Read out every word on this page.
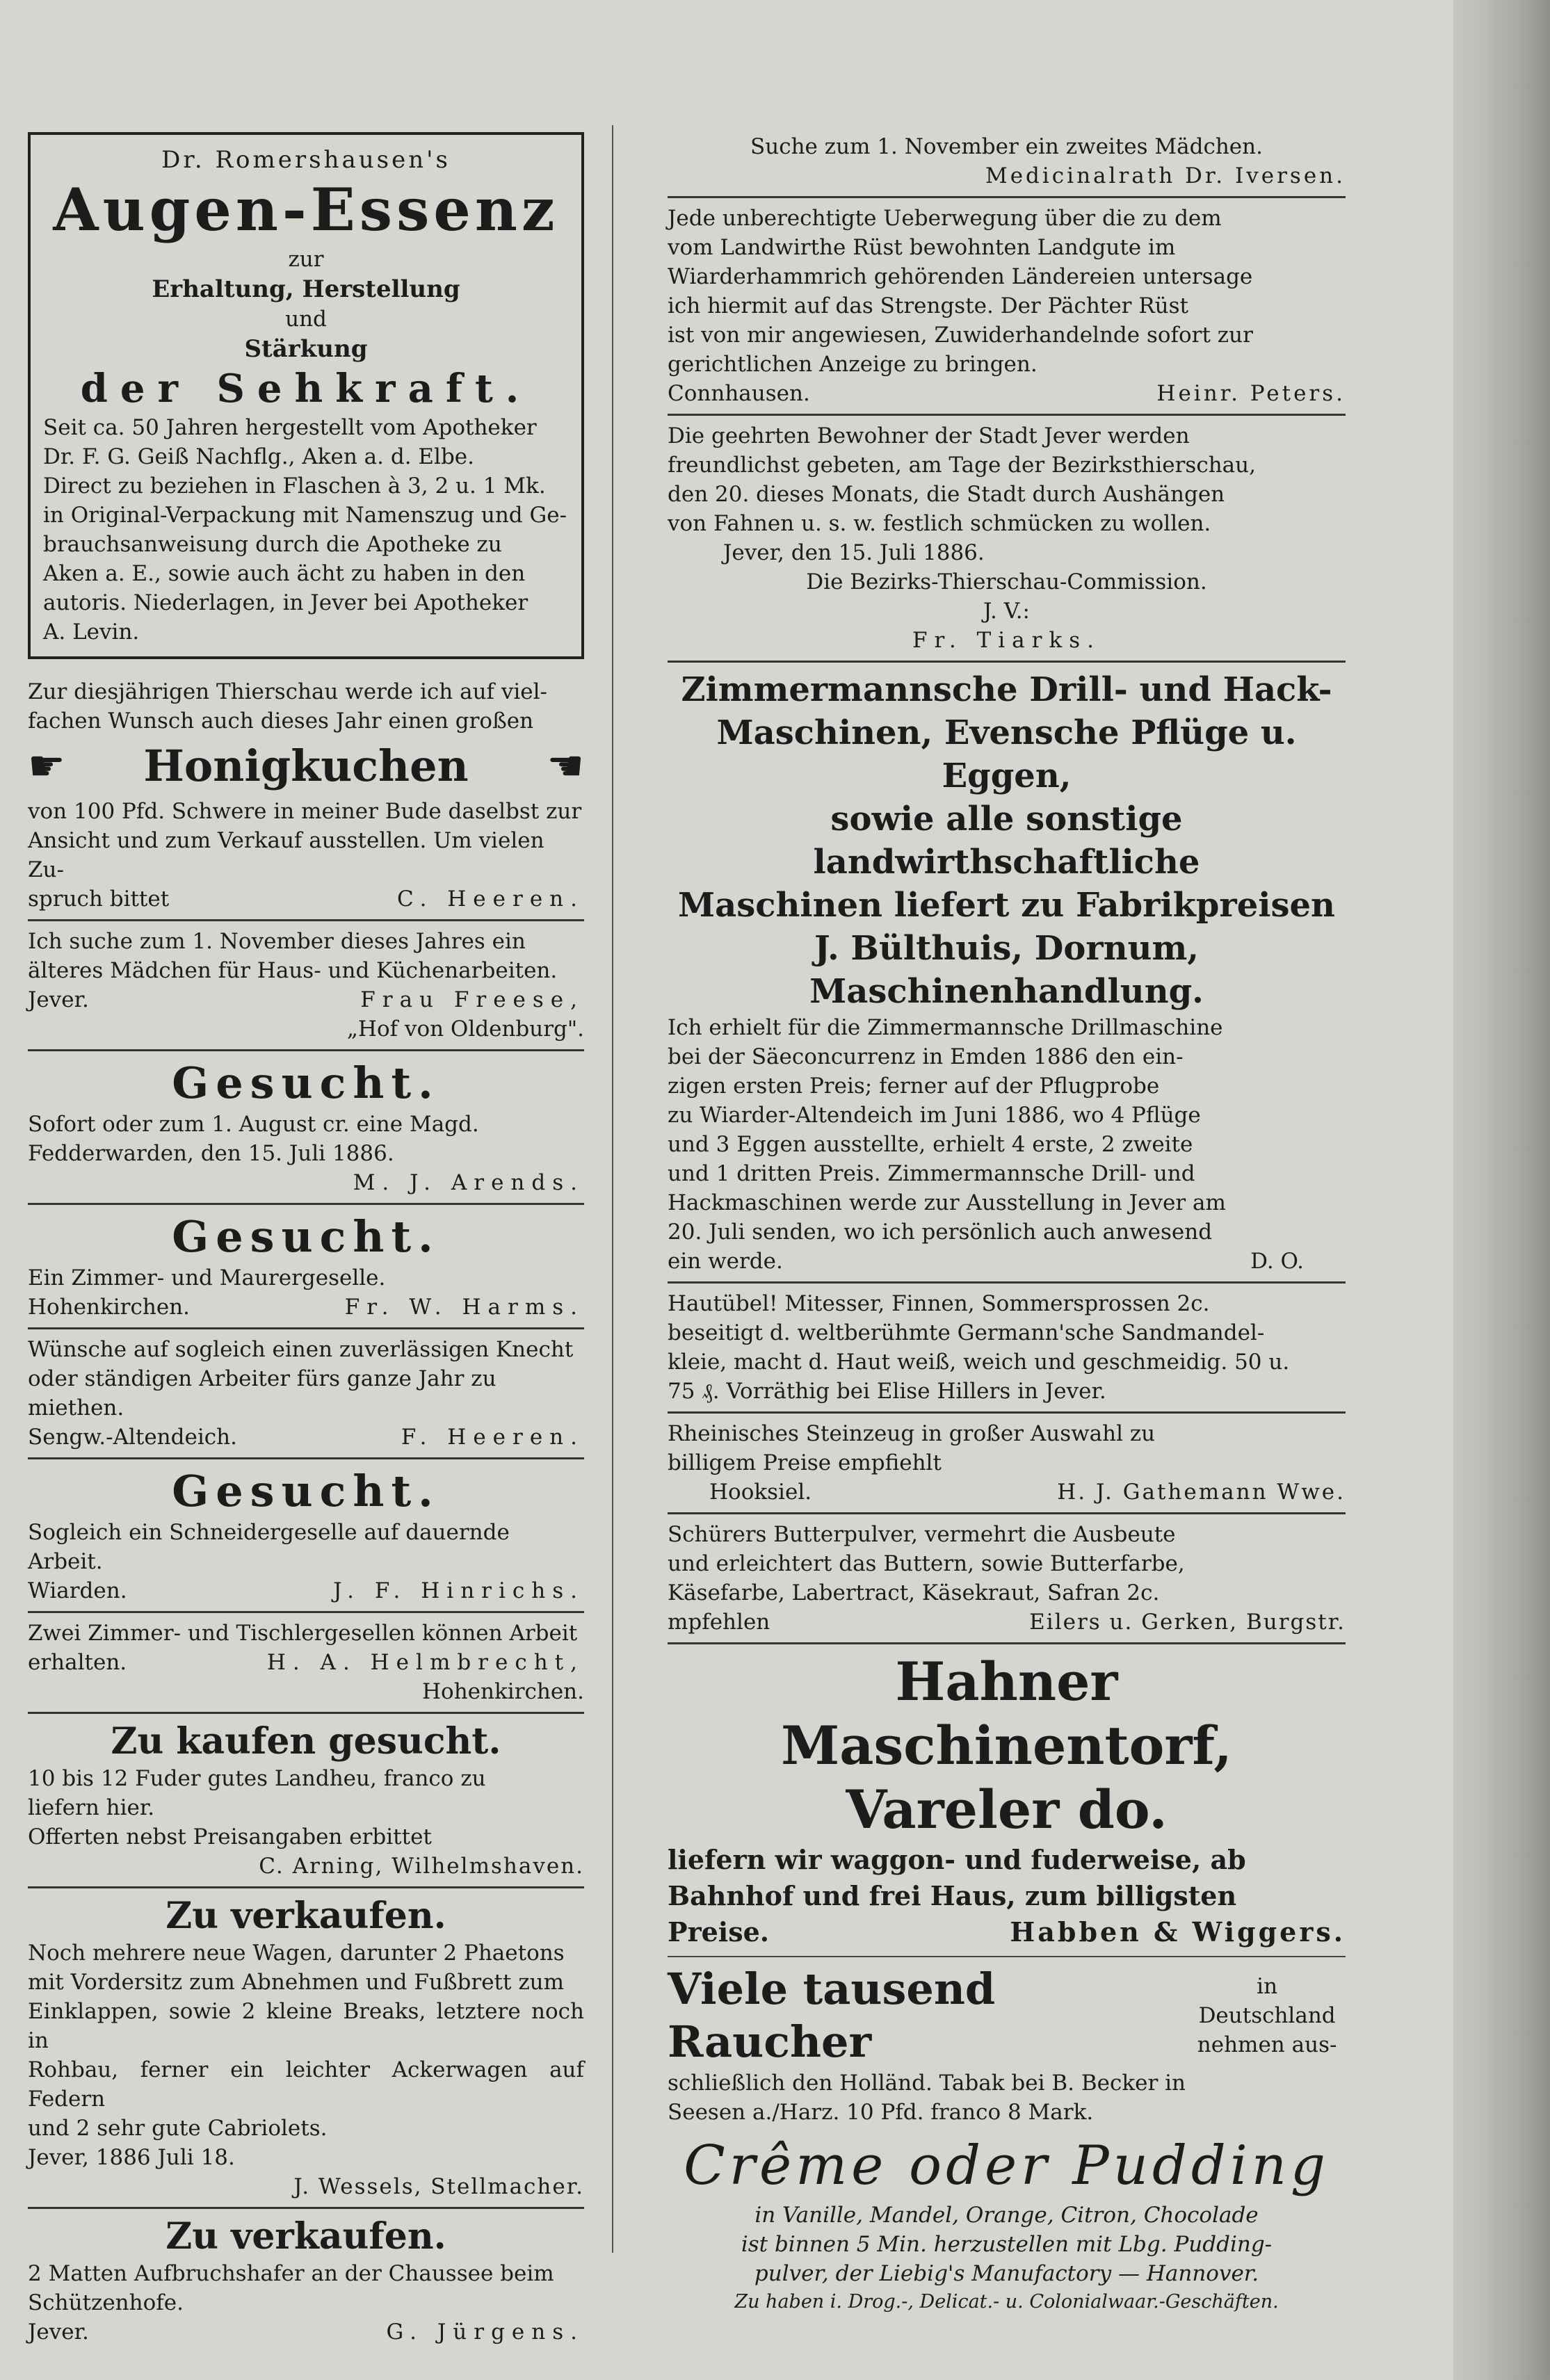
Dr. Romershausen's

Augen-Essenz

zur

Erhaltung, Herstellung

und

Stärkung

der Sehkraft.

Seit ca. 50 Jahren hergestellt vom Apotheker

Dr. F. G. Geiß Nachflg., Aken a. d. Elbe.

Direct zu beziehen in Flaschen à 3, 2 u. 1 Mk.

in Original-Verpackung mit Namenszug und Ge-

brauchsanweisung durch die Apotheke zu

Aken a. E., sowie auch ächt zu haben in den

autoris. Niederlagen, in Jever bei Apotheker

A. Levin.

Zur diesjährigen Thierschau werde ich auf viel-

fachen Wunsch auch dieses Jahr einen großen

☛ Honigkuchen ☚

von 100 Pfd. Schwere in meiner Bude daselbst zur

Ansicht und zum Verkauf ausstellen. Um vielen Zu-

spruch bittet	C. Heeren.

Ich suche zum 1. November dieses Jahres ein

älteres Mädchen für Haus- und Küchenarbeiten.

Jever.	Frau Freese,

„Hof von Oldenburg".

Gesucht.

Sofort oder zum 1. August cr. eine Magd.

Fedderwarden, den 15. Juli 1886.

M. J. Arends.

Gesucht.

Ein Zimmer- und Maurergeselle.

Hohenkirchen.	Fr. W. Harms.

Wünsche auf sogleich einen zuverlässigen Knecht

oder ständigen Arbeiter fürs ganze Jahr zu miethen.

Sengw.-Altendeich.	F. Heeren.

Gesucht.

Sogleich ein Schneidergeselle auf dauernde Arbeit.

Wiarden.	J. F. Hinrichs.

Zwei Zimmer- und Tischlergesellen können Arbeit

erhalten.	H. A. Helmbrecht,

Hohenkirchen.

Zu kaufen gesucht.

10 bis 12 Fuder gutes Landheu, franco zu

liefern hier.

Offerten nebst Preisangaben erbittet

C. Arning, Wilhelmshaven.

Zu verkaufen.

Noch mehrere neue Wagen, darunter 2 Phaetons

mit Vordersitz zum Abnehmen und Fußbrett zum

Einklappen, sowie 2 kleine Breaks, letztere noch in

Rohbau, ferner ein leichter Ackerwagen auf Federn

und 2 sehr gute Cabriolets.

Jever, 1886 Juli 18.

J. Wessels, Stellmacher.

Zu verkaufen.

2 Matten Aufbruchshafer an der Chaussee beim

Schützenhofe.

Jever.	G. Jürgens.

Suche zum 1. November ein zweites Mädchen.

Medicinalrath Dr. Iversen.

Jede unberechtigte Ueberwegung über die zu dem

vom Landwirthe Rüst bewohnten Landgute im

Wiarderhammrich gehörenden Ländereien untersage

ich hiermit auf das Strengste. Der Pächter Rüst

ist von mir angewiesen, Zuwiderhandelnde sofort zur

gerichtlichen Anzeige zu bringen.

Connhausen.	Heinr. Peters.

Die geehrten Bewohner der Stadt Jever werden

freundlichst gebeten, am Tage der Bezirksthierschau,

den 20. dieses Monats, die Stadt durch Aushängen

von Fahnen u. s. w. festlich schmücken zu wollen.

Jever, den 15. Juli 1886.

Die Bezirks-Thierschau-Commission.

J. V.:

Fr. Tiarks.

Zimmermannsche Drill- und Hack-

Maschinen, Evensche Pflüge u. Eggen,

sowie alle sonstige landwirthschaftliche

Maschinen liefert zu Fabrikpreisen

J. Bülthuis, Dornum,

Maschinenhandlung.

Ich erhielt für die Zimmermannsche Drillmaschine

bei der Säeconcurrenz in Emden 1886 den ein-

zigen ersten Preis; ferner auf der Pflugprobe

zu Wiarder-Altendeich im Juni 1886, wo 4 Pflüge

und 3 Eggen ausstellte, erhielt 4 erste, 2 zweite

und 1 dritten Preis. Zimmermannsche Drill- und

Hackmaschinen werde zur Ausstellung in Jever am

20. Juli senden, wo ich persönlich auch anwesend

ein werde.	D. O.

Hautübel! Mitesser, Finnen, Sommersprossen 2c.

beseitigt d. weltberühmte Germann'sche Sandmandel-

kleie, macht d. Haut weiß, weich und geschmeidig. 50 u.

75 ₰. Vorräthig bei Elise Hillers in Jever.

Rheinisches Steinzeug in großer Auswahl zu

billigem Preise empfiehlt

Hooksiel.	H. J. Gathemann Wwe.

Schürers Butterpulver, vermehrt die Ausbeute

und erleichtert das Buttern, sowie Butterfarbe,

Käsefarbe, Labertract, Käsekraut, Safran 2c.

mpfehlen	Eilers u. Gerken, Burgstr.

Hahner Maschinentorf,

Vareler do.

liefern wir waggon- und fuderweise, ab

Bahnhof und frei Haus, zum billigsten

Preise.	Habben & Wiggers.
Viele tausend Raucher
in Deutschland
nehmen aus-

schließlich den Holländ. Tabak bei B. Becker in

Seesen a./Harz. 10 Pfd. franco 8 Mark.

Crême oder Pudding

in Vanille, Mandel, Orange, Citron, Chocolade

ist binnen 5 Min. herzustellen mit Lbg. Pudding-

pulver, der Liebig's Manufactory — Hannover.

Zu haben i. Drog.-, Delicat.- u. Colonialwaar.-Geschäften.
